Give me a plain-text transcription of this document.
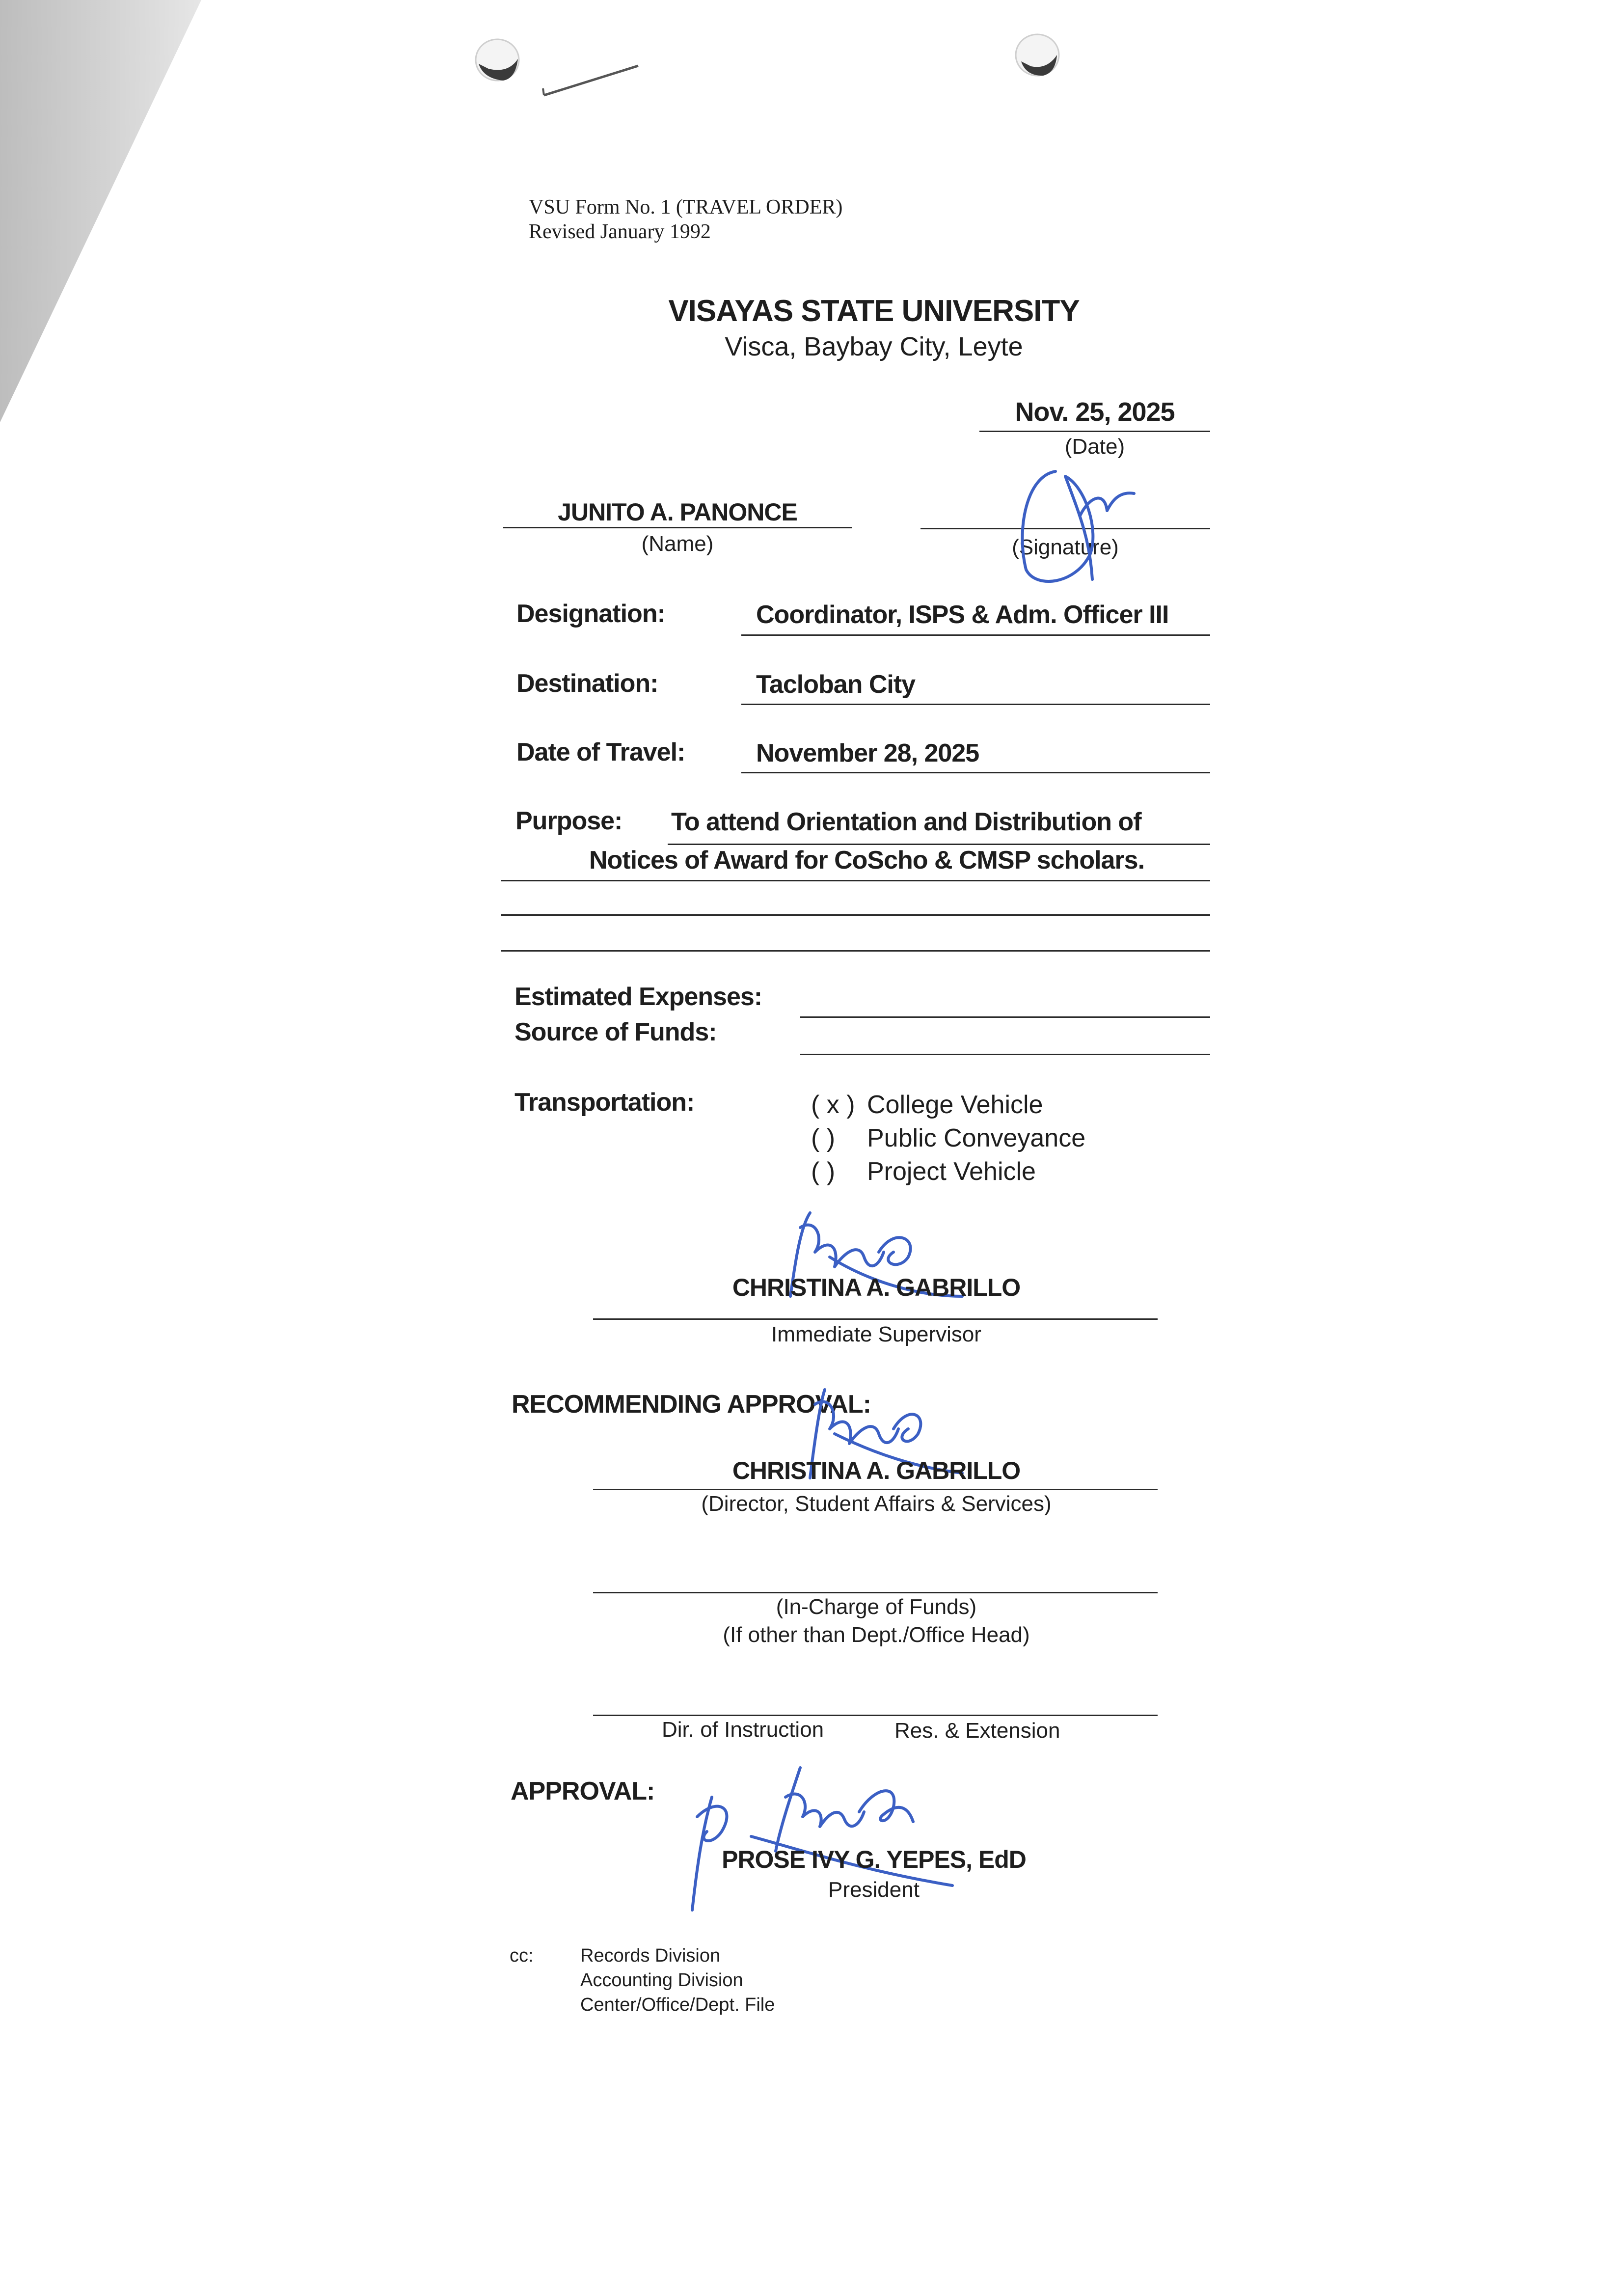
VSU Form No. 1 (TRAVEL ORDER)
Revised January 1992
VISAYAS STATE UNIVERSITY
Visca, Baybay City, Leyte
Nov. 25, 2025
(Date)
JUNITO A. PANONCE
(Name)	(Signature)
Designation:	Coordinator, ISPS & Adm. Officer III
Destination:	Tacloban City
Date of Travel:	November 28, 2025
Purpose: To attend Orientation and Distribution of
Notices of Award for CoScho & CMSP scholars.
Estimated Expenses:
Source of Funds:
Transportation:	( x ) College Vehicle
( ) Public Conveyance
( ) Project Vehicle
CHRISTINA A. GABRILLO
Immediate Supervisor
RECOMMENDING APPROVAL:
CHRISTINA A. GABRILLO
(Director, Student Affairs & Services)
(In-Charge of Funds)
(If other than Dept./Office Head)
Dir. of Instruction	Res. & Extension
APPROVAL:
PROSE IVY G. YEPES, EdD
President
cc:	Records Division
Accounting Division
Center/Office/Dept. File
